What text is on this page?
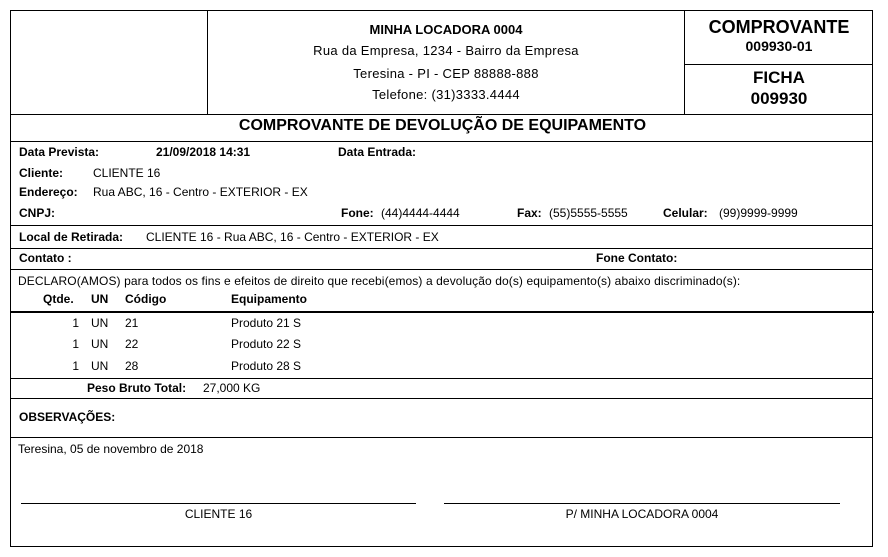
MINHA LOCADORA 0004
Rua da Empresa, 1234 - Bairro da Empresa
Teresina - PI - CEP 88888-888
Telefone: (31)3333.4444
COMPROVANTE
009930-01
FICHA
009930
COMPROVANTE DE DEVOLUÇÃO DE EQUIPAMENTO
Data Prevista:	21/09/2018 14:31	Data Entrada:
Cliente: CLIENTE 16
Endereço: Rua ABC, 16 - Centro - EXTERIOR - EX
CNPJ:	Fone: (44)4444-4444	Fax: (55)5555-5555	Celular: (99)9999-9999
Local de Retirada: CLIENTE 16 - Rua ABC, 16 - Centro - EXTERIOR - EX
Contato :	Fone Contato:
DECLARO(AMOS) para todos os fins e efeitos de direito que recebi(emos) a devolução do(s) equipamento(s) abaixo discriminado(s):
Qtde. UN Código	Equipamento
1 UN 21	Produto 21 S
1 UN 22	Produto 22 S
1 UN 28	Produto 28 S
Peso Bruto Total: 27,000 KG
OBSERVAÇÕES:
Teresina, 05 de novembro de 2018
CLIENTE 16	P/ MINHA LOCADORA 0004
